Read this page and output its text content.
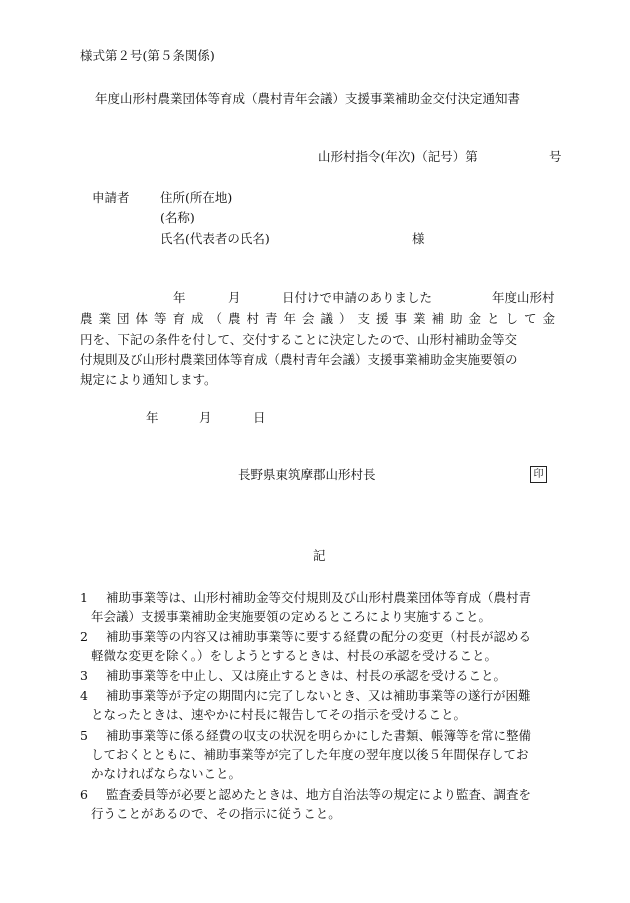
様式第２号(第５条関係)
年度山形村農業団体等育成（農村青年会議）支援事業補助金交付決定通知書
山形村指令(年次)（記号）第	号
申請者 住所(所在地)
(名称)
氏名(代表者の氏名)	様
年	月	日付けで申請のありました	年度山形村
農業団体等育成（農村青年会議）支援事業補助金として金
円を、下記の条件を付して、交付することに決定したので、山形村補助金等交
付規則及び山形村農業団体等育成（農村青年会議）支援事業補助金実施要領の
規定により通知します。
年	月	日
長野県東筑摩郡山形村長	印
記
1 補助事業等は、山形村補助金等交付規則及び山形村農業団体等育成（農村青
年会議）支援事業補助金実施要領の定めるところにより実施すること。
2 補助事業等の内容又は補助事業等に要する経費の配分の変更（村長が認める
軽微な変更を除く。）をしようとするときは、村長の承認を受けること。
3 補助事業等を中止し、又は廃止するときは、村長の承認を受けること。
4 補助事業等が予定の期間内に完了しないとき、又は補助事業等の遂行が困難
となったときは、速やかに村長に報告してその指示を受けること。
5 補助事業等に係る経費の収支の状況を明らかにした書類、帳簿等を常に整備
しておくとともに、補助事業等が完了した年度の翌年度以後５年間保存してお
かなければならないこと。
6 監査委員等が必要と認めたときは、地方自治法等の規定により監査、調査を
行うことがあるので、その指示に従うこと。
